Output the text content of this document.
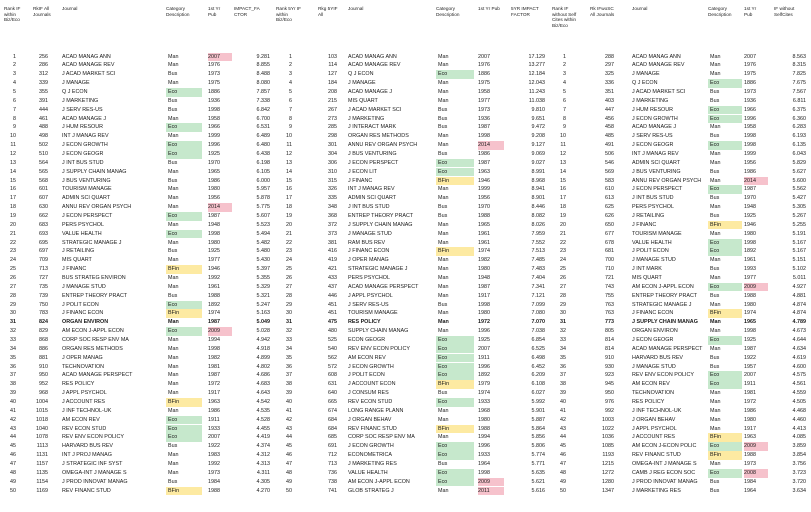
Rank IF
within
Biz/Eco
RkIF All
Journals
Journal	Category
Description
1st Yr
Pub
IMPACT_FA
CTOR
Rank 5Yr IF
within
Biz/Eco
Rkg 5YIF
All
Journal	Category
Description
1st Yr Pub	5YR IMPACT
FACTOR
Rank IF
without Self
Cites within
Biz/Eco
Rk IFwoSC
All Journals
Journal	Category
Description
1st Yr
Pub
IF without
SelfCites
1	256	ACAD MANAG ANN	Man	2007	9.281	1	103 ACAD MANAG ANN	Man	2007	17.129	1	288	ACAD MANAG ANN	Man	2007	8.563
2	286	ACAD MANAGE REV	Man	1976	8.855	2	114 ACAD MANAGE REV	Man	1976	13.277	2	297	ACAD MANAGE REV	Man	1976	8.315
3	312	J ACAD MARKET SCI	Bus	1973	8.488	3	127 Q J ECON	Eco	1886	12.184	3	325	J MANAGE	Man	1975	7.825
4	339	J MANAGE	Man	1975	8.080	4	184 J MANAGE	Man	1975	12.043	4	336	Q J ECON	Eco	1886	7.675
5	355	Q J ECON	Eco	1886	7.857	5	208 ACAD MANAGE J	Man	1958	11.243	5	351	J ACAD MARKET SCI	Bus	1973	7.567
6	391	J MARKETING	Bus	1936	7.338	6	215 MIS QUART	Man	1977	11.038	6	403	J MARKETING	Bus	1936	6.811
7	444	J SERV RES-US	Bus	1998	6.842	7	267 J ACAD MARKET SCI	Bus	1973	9.810	7	447	J HUM RESOUR	Eco	1966	6.375
8	461	ACAD MANAGE J	Man	1958	6.700	8	273 J MARKETING	Bus	1936	9.651	8	456	J ECON GROWTH	Eco	1996	6.360
9	488	J HUM RESOUR	Eco	1966	6.531	9	285 J INTERACT MARK	Bus	1987	9.472	9	458	ACAD MANAGE J	Man	1958	6.283
10	498	INT J MANAG REV	Man	1999	6.489	10	298 ORGAN RES METHODS	Man	1998	9.208	10	485	J SERV RES-US	Bus	1998	6.193
11	502	J ECON GROWTH	Eco	1996	6.480	11	301 ANNU REV ORGAN PSYCH	Man	2014	9.127	11	491	J ECON GEOGR	Eco	1998	6.135
12	510	J ECON GEOGR	Eco	1925	6.438	12	304 J BUS VENTURING	Bus	1986	9.069	12	506	INT J MANAG REV	Man	1999	6.043
13	564	J INT BUS STUD	Bus	1970	6.198	13	306 J ECON PERSPECT	Eco	1987	9.027	13	546	ADMIN SCI QUART	Man	1956	5.829
14	565	J SUPPLY CHAIN MANAG	Man	1965	6.105	14	310 J ECON LIT	Eco	1963	8.991	14	569	J BUS VENTURING	Bus	1986	5.627
15	568	J BUS VENTURING	Bus	1986	6.000	15	315 J FINANC	BFin	1946	8.968	15	583	ANNU REV ORGAN PSYCH	Man	2014	5.600
16	601	TOURISM MANAGE	Man	1980	5.957	16	326 INT J MANAG REV	Man	1999	8.941	16	610	J ECON PERSPECT	Eco	1987	5.562
17	607	ADMIN SCI QUART	Man	1956	5.878	17	335 ADMIN SCI QUART	Man	1956	8.901	17	613	J INT BUS STUD	Bus	1970	5.427
18	630	ANNU REV ORGAN PSYCH	Man	2014	5.775	18	348 J INT BUS STUD	Bus	1970	8.446	18	625	PERS PSYCHOL	Man	1948	5.305
19	662	J ECON PERSPECT	Eco	1987	5.607	19	368 ENTREP THEORY PRACT	Bus	1988	8.082	19	626	J RETAILING	Bus	1925	5.267
20	683	PERS PSYCHOL	Man	1948	5.523	20	372 J SUPPLY CHAIN MANAG	Man	1965	8.026	20	650	J FINANC	BFin	1946	5.255
21	693	VALUE HEALTH	Eco	1998	5.494	21	373 J MANAGE STUD	Man	1961	7.959	21	677	TOURISM MANAGE	Man	1980	5.191
22	695	STRATEGIC MANAGE J	Man	1980	5.482	22	381 RAM BUS REV	Man	1961	7.552	22	678	VALUE HEALTH	Eco	1998	5.167
23	697	J RETAILING	Bus	1925	5.480	23	416 J FINANC ECON	BFin	1974	7.513	23	681	J POLIT ECON	Eco	1892	5.167
24	709	MIS QUART	Man	1977	5.430	24	419 J OPER MANAG	Man	1982	7.485	24	700	J MANAGE STUD	Man	1961	5.151
25	713	J FINANC	BFin	1946	5.397	25	421 STRATEGIC MANAGE J	Man	1980	7.483	25	710	J INT MARK	Bus	1993	5.102
26	727	BUS STRATEG ENVIRON	Man	1992	5.355	26	433 PERS PSYCHOL	Man	1948	7.404	26	721	MIS QUART	Man	1977	5.011
27	735	J MANAGE STUD	Man	1961	5.329	27	437 ACAD MANAGE PERSPECT	Man	1987	7.341	27	743	AM ECON J-APPL ECON	Eco	2009	4.927
28	739	ENTREP THEORY PRACT	Bus	1988	5.321	28	446 J APPL PSYCHOL	Man	1917	7.121	28	755	ENTREP THEORY PRACT	Bus	1988	4.881
29	750	J POLIT ECON	Eco	1892	5.247	29	451 J SERV RES-US	Bus	1998	7.099	29	763	STRATEGIC MANAGE J	Man	1980	4.874
30	783	J FINANC ECON	BFin	1974	5.163	30	451 TOURISM MANAGE	Man	1980	7.080	30	763	J FINANC ECON	BFin	1974	4.874
31	824	ORGAN ENVIRON	Man	1987	5.049	31	475 RES POLICY	Man	1972	7.070	31	773	J SUPPLY CHAIN MANAG	Man	1965	4.789
32	829	AM ECON J-APPL ECON	Eco	2009	5.028	32	480 SUPPLY CHAIN MANAG	Man	1996	7.038	32	805	ORGAN ENVIRON	Man	1998	4.673
33	868	CORP SOC RESP ENV MA	Man	1994	4.942	33	525 ECON GEOGR	Eco	1925	6.854	33	814	J ECON GEOGR	Eco	1925	4.644
34	886	ORGAN RES METHODS	Man	1998	4.918	34	540 REV ENV ECON POLICY	Eco	2007	6.525	34	814	ACAD MANAGE PERSPECT	Man	1987	4.634
35	881	J OPER MANAG	Man	1982	4.899	35	562 AM ECON REV	Eco	1911	6.498	35	910	HARVARD BUS REV	Bus	1922	4.619
36	910	TECHNOVATION	Man	1981	4.802	36	572 J ECON GROWTH	Eco	1996	6.452	36	930	J MANAGE STUD	Bus	1957	4.600
37	950	ACAD MANAGE PERSPECT	Man	1987	4.686	37	608 J POLIT ECON	Eco	1892	6.209	37	923	REV ENV ECON POLICY	Eco	2007	4.575
38	952	RES POLICY	Man	1972	4.683	38	631 J ACCOUNT ECON	BFin	1979	6.108	38	945	AM ECON REV	Eco	1911	4.561
39	968	J APPL PSYCHOL	Man	1917	4.643	39	640 J CONSUM RES	Bus	1974	6.027	39	950	TECHNOVATION	Man	1981	4.559
40	1004	J ACCOUNT RES	BFin	1963	4.542	40	665 REV ECON STUD	Eco	1933	5.992	40	976	RES POLICY	Man	1972	4.505
41	1015	J INF TECHNOL-UK	Man	1986	4.535	41	674 LONG RANGE PLANN	Man	1968	5.901	41	992	J INF TECHNOL-UK	Man	1986	4.468
42	1018	AM ECON REV	Eco	1911	4.528	42	684 J ORGAN BEHAV	Man	1980	5.887	42	1003	J ORGAN BEHAV	Man	1980	4.460
43	1040	REV ECON STUD	Eco	1933	4.455	43	684 REV FINANC STUD	BFin	1988	5.864	43	1022	J APPL PSYCHOL	Man	1917	4.413
44	1078	REV ENV ECON POLICY	Eco	2007	4.419	44	685 CORP SOC RESP ENV MA	Man	1994	5.856	44	1036	J ACCOUNT RES	BFin	1963	4.085
45	1113	HARVARD BUS REV	Bus	1922	4.374	45	691 J ECON GROWTH	Eco	1996	5.806	45	1085	AM ECON J-ECON POLIC	Eco	2009	3.859
46	1131	INT J PROJ MANAG	Man	1983	4.312	46	712 ECONOMETRICA	Eco	1933	5.774	46	1193	REV FINANC STUD	BFin	1988	3.854
47	1157	J STRATEGIC INF SYST	Man	1992	4.313	47	713 J MARKETING RES	Bus	1964	5.771	47	1215	OMEGA-INT J MANAGE S	Man	1973	3.756
48	1135	OMEGA-INT J MANAGE S	Man	1973	4.311	48	736 VALUE HEALTH	Eco	1998	5.635	48	1272	CAMB J REG ECON SOC	Eco	2008	3.723
49	1154	J PROD INNOVAT MANAG	Bus	1984	4.305	49	738 AM ECON J-APPL ECON	Eco	2009	5.621	49	1280	J PROD INNOVAT MANAG	Bus	1984	3.720
50	1169	REV FINANC STUD	BFin	1988	4.270	50	741 GLOB STRATEG J	Man	2011	5.616	50	1347	J MARKETING RES	Bus	1964	3.634
